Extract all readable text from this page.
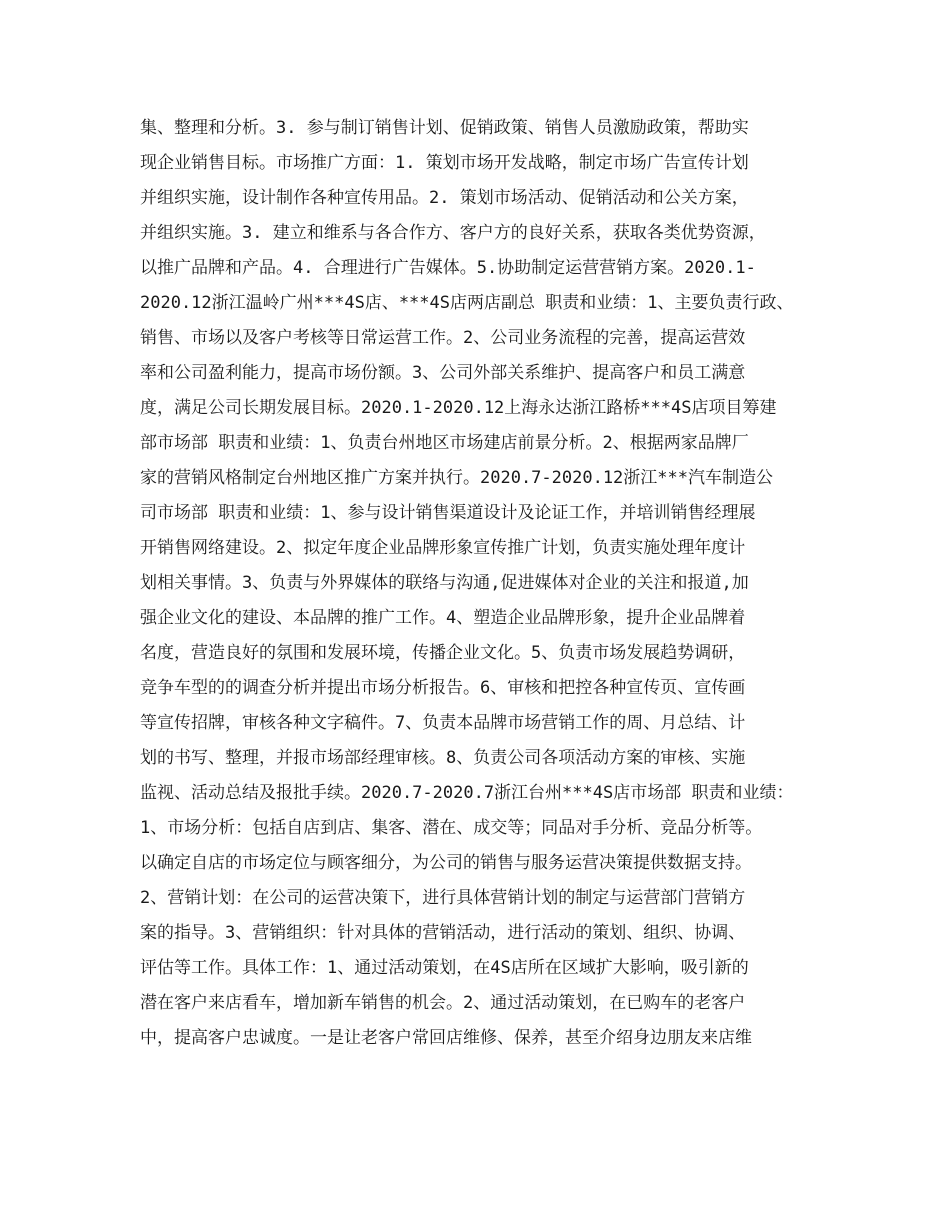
集、整理和分析。3. 参与制订销售计划、促销政策、销售人员激励政策，帮助实
现企业销售目标。市场推广方面：1. 策划市场开发战略，制定市场广告宣传计划
并组织实施，设计制作各种宣传用品。2. 策划市场活动、促销活动和公关方案，
并组织实施。3. 建立和维系与各合作方、客户方的良好关系，获取各类优势资源，
以推广品牌和产品。4. 合理进行广告媒体。5.协助制定运营营销方案。2020.1-
2020.12浙江温岭广州***4S店、***4S店两店副总 职责和业绩：1、主要负责行政、
销售、市场以及客户考核等日常运营工作。2、公司业务流程的完善，提高运营效
率和公司盈利能力，提高市场份额。3、公司外部关系维护、提高客户和员工满意
度，满足公司长期发展目标。2020.1-2020.12上海永达浙江路桥***4S店项目筹建
部市场部 职责和业绩：1、负责台州地区市场建店前景分析。2、根据两家品牌厂
家的营销风格制定台州地区推广方案并执行。2020.7-2020.12浙江***汽车制造公
司市场部 职责和业绩：1、参与设计销售渠道设计及论证工作，并培训销售经理展
开销售网络建设。2、拟定年度企业品牌形象宣传推广计划，负责实施处理年度计
划相关事情。3、负责与外界媒体的联络与沟通,促进媒体对企业的关注和报道,加
强企业文化的建设、本品牌的推广工作。4、塑造企业品牌形象，提升企业品牌着
名度，营造良好的氛围和发展环境，传播企业文化。5、负责市场发展趋势调研，
竞争车型的的调查分析并提出市场分析报告。6、审核和把控各种宣传页、宣传画
等宣传招牌，审核各种文字稿件。7、负责本品牌市场营销工作的周、月总结、计
划的书写、整理，并报市场部经理审核。8、负责公司各项活动方案的审核、实施
监视、活动总结及报批手续。2020.7-2020.7浙江台州***4S店市场部 职责和业绩：
1、市场分析：包括自店到店、集客、潜在、成交等；同品对手分析、竞品分析等。
以确定自店的市场定位与顾客细分，为公司的销售与服务运营决策提供数据支持。
2、营销计划：在公司的运营决策下，进行具体营销计划的制定与运营部门营销方
案的指导。3、营销组织：针对具体的营销活动，进行活动的策划、组织、协调、
评估等工作。具体工作：1、通过活动策划，在4S店所在区域扩大影响，吸引新的
潜在客户来店看车，增加新车销售的机会。2、通过活动策划，在已购车的老客户
中，提高客户忠诚度。一是让老客户常回店维修、保养，甚至介绍身边朋友来店维
